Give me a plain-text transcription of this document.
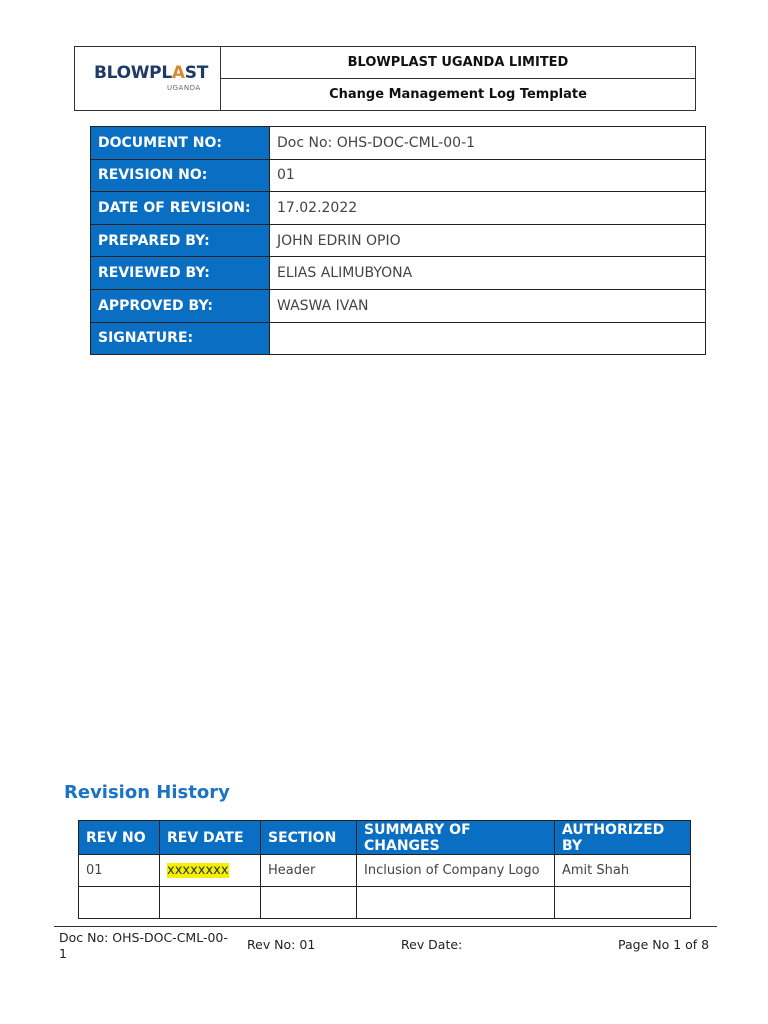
BLOWPLAST
UGANDA
BLOWPLAST UGANDA LIMITED
Change Management Log Template
DOCUMENT NO:	Doc No: OHS-DOC-CML-00-1
REVISION NO:	01
DATE OF REVISION:	17.02.2022
PREPARED BY:	JOHN EDRIN OPIO
REVIEWED BY:	ELIAS ALIMUBYONA
APPROVED BY:	WASWA IVAN
SIGNATURE:	
Revision History
REV NO	REV DATE	SECTION	SUMMARY OF CHANGES	AUTHORIZED BY
01	xxxxxxxx	Header	Inclusion of Company Logo	Amit Shah

Doc No: OHS-DOC-CML-00-1
Rev No: 01	Rev Date:	Page No 1 of 8
